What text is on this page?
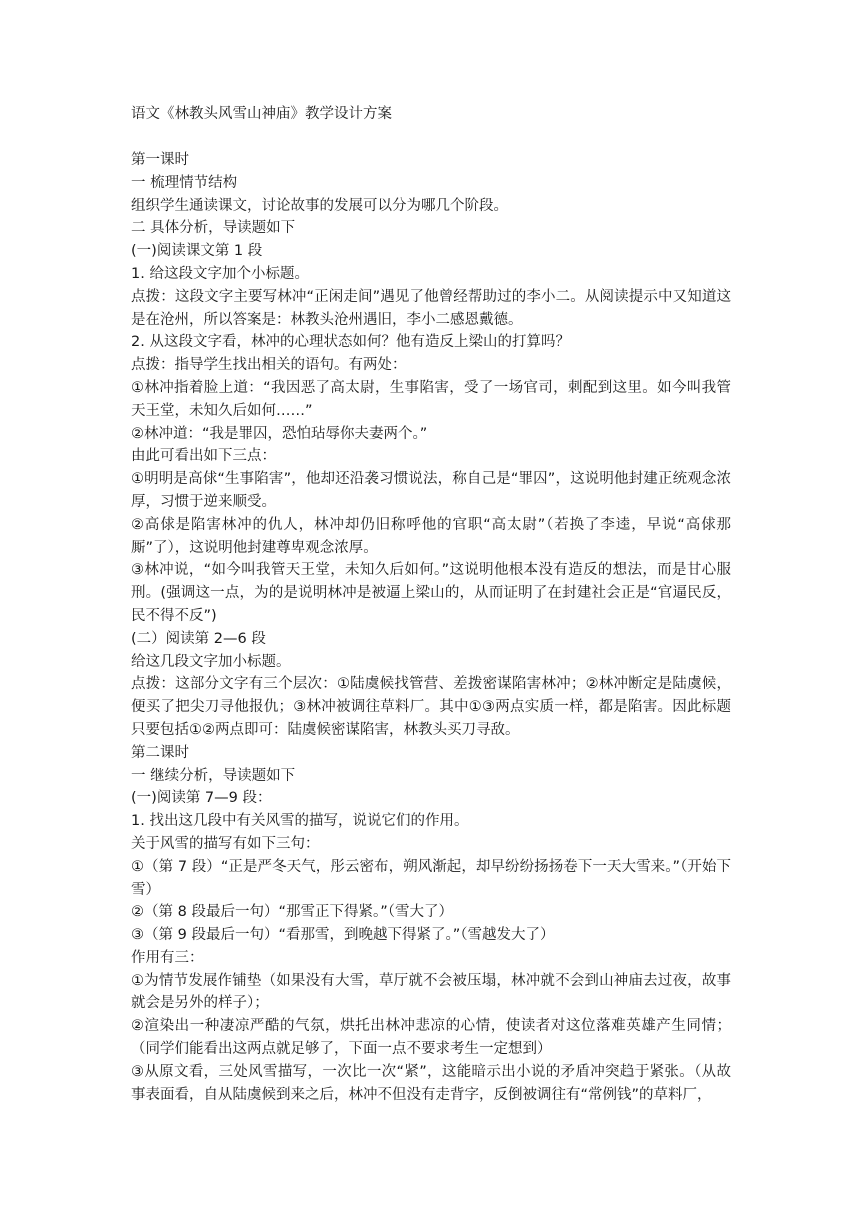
语文《林教头风雪山神庙》教学设计方案

第一课时

一 梳理情节结构

组织学生通读课文，讨论故事的发展可以分为哪几个阶段。

二 具体分析，导读题如下

(一)阅读课文第 1 段

1. 给这段文字加个小标题。

点拨：这段文字主要写林冲“正闲走间”遇见了他曾经帮助过的李小二。从阅读提示中又知道这是在沧州，所以答案是：林教头沧州遇旧，李小二感恩戴德。

2. 从这段文字看，林冲的心理状态如何？他有造反上梁山的打算吗？

点拨：指导学生找出相关的语句。有两处：

①林冲指着脸上道：“我因恶了高太尉，生事陷害，受了一场官司，刺配到这里。如今叫我管天王堂，未知久后如何……”

②林冲道：“我是罪囚，恐怕玷辱你夫妻两个。”

由此可看出如下三点：

①明明是高俅“生事陷害”，他却还沿袭习惯说法，称自己是“罪囚”，这说明他封建正统观念浓厚，习惯于逆来顺受。

②高俅是陷害林冲的仇人，林冲却仍旧称呼他的官职“高太尉”（若换了李逵，早说“高俅那厮”了），这说明他封建尊卑观念浓厚。

③林冲说，“如今叫我管天王堂，未知久后如何。”这说明他根本没有造反的想法，而是甘心服刑。(强调这一点，为的是说明林冲是被逼上梁山的，从而证明了在封建社会正是“官逼民反，民不得不反”)

(二）阅读第 2—6 段

给这几段文字加小标题。

点拨：这部分文字有三个层次：①陆虞候找管营、差拨密谋陷害林冲；②林冲断定是陆虞候，便买了把尖刀寻他报仇；③林冲被调往草料厂。其中①③两点实质一样，都是陷害。因此标题只要包括①②两点即可：陆虞候密谋陷害，林教头买刀寻敌。

第二课时

一 继续分析，导读题如下

(一)阅读第 7—9 段：

1. 找出这几段中有关风雪的描写，说说它们的作用。

关于风雪的描写有如下三句：

①（第 7 段）“正是严冬天气，彤云密布，朔风渐起，却早纷纷扬扬卷下一天大雪来。”（开始下雪）

②（第 8 段最后一句）“那雪正下得紧。”（雪大了）

③（第 9 段最后一句）“看那雪，到晚越下得紧了。”（雪越发大了）

作用有三：

①为情节发展作铺垫（如果没有大雪，草厅就不会被压塌，林冲就不会到山神庙去过夜，故事就会是另外的样子）；

②渲染出一种凄凉严酷的气氛，烘托出林冲悲凉的心情，使读者对这位落难英雄产生同情；（同学们能看出这两点就足够了，下面一点不要求考生一定想到）

③从原文看，三处风雪描写，一次比一次“紧”，这能暗示出小说的矛盾冲突趋于紧张。（从故事表面看，自从陆虞候到来之后，林冲不但没有走背字，反倒被调往有“常例钱”的草料厂，
